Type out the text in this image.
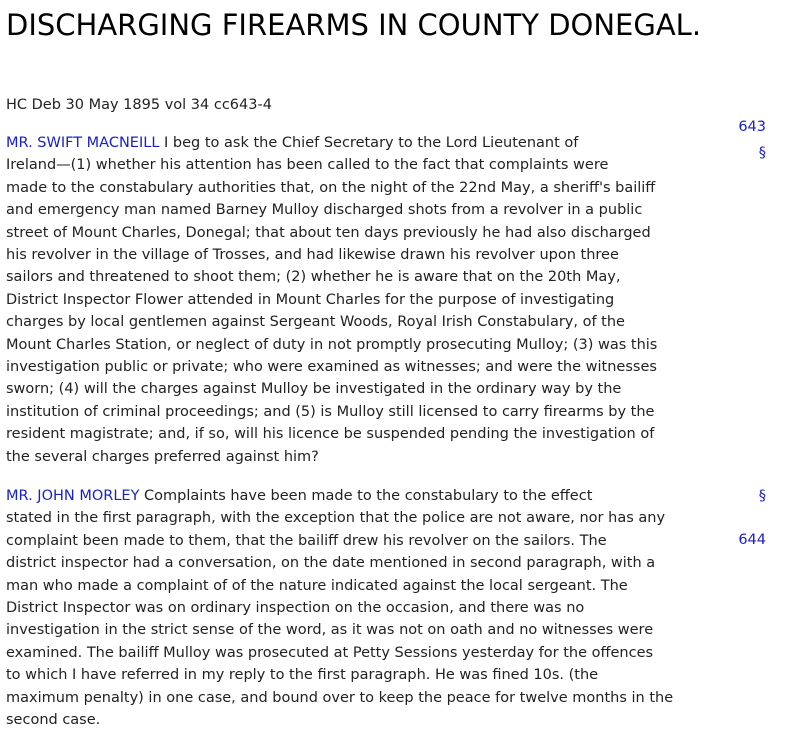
DISCHARGING FIREARMS IN COUNTY DONEGAL.
HC Deb 30 May 1895 vol 34 cc643-4
643
§
MR. SWIFT MACNEILL I beg to ask the Chief Secretary to the Lord Lieutenant of
Ireland—(1) whether his attention has been called to the fact that complaints were
made to the constabulary authorities that, on the night of the 22nd May, a sheriff's bailiff
and emergency man named Barney Mulloy discharged shots from a revolver in a public
street of Mount Charles, Donegal; that about ten days previously he had also discharged
his revolver in the village of Trosses, and had likewise drawn his revolver upon three
sailors and threatened to shoot them; (2) whether he is aware that on the 20th May,
District Inspector Flower attended in Mount Charles for the purpose of investigating
charges by local gentlemen against Sergeant Woods, Royal Irish Constabulary, of the
Mount Charles Station, or neglect of duty in not promptly prosecuting Mulloy; (3) was this
investigation public or private; who were examined as witnesses; and were the witnesses
sworn; (4) will the charges against Mulloy be investigated in the ordinary way by the
institution of criminal proceedings; and (5) is Mulloy still licensed to carry firearms by the
resident magistrate; and, if so, will his licence be suspended pending the investigation of
the several charges preferred against him?
§
644
MR. JOHN MORLEY Complaints have been made to the constabulary to the effect
stated in the first paragraph, with the exception that the police are not aware, nor has any
complaint been made to them, that the bailiff drew his revolver on the sailors. The
district inspector had a conversation, on the date mentioned in second paragraph, with a
man who made a complaint of of the nature indicated against the local sergeant. The
District Inspector was on ordinary inspection on the occasion, and there was no
investigation in the strict sense of the word, as it was not on oath and no witnesses were
examined. The bailiff Mulloy was prosecuted at Petty Sessions yesterday for the offences
to which I have referred in my reply to the first paragraph. He was fined 10s. (the
maximum penalty) in one case, and bound over to keep the peace for twelve months in the
second case.
